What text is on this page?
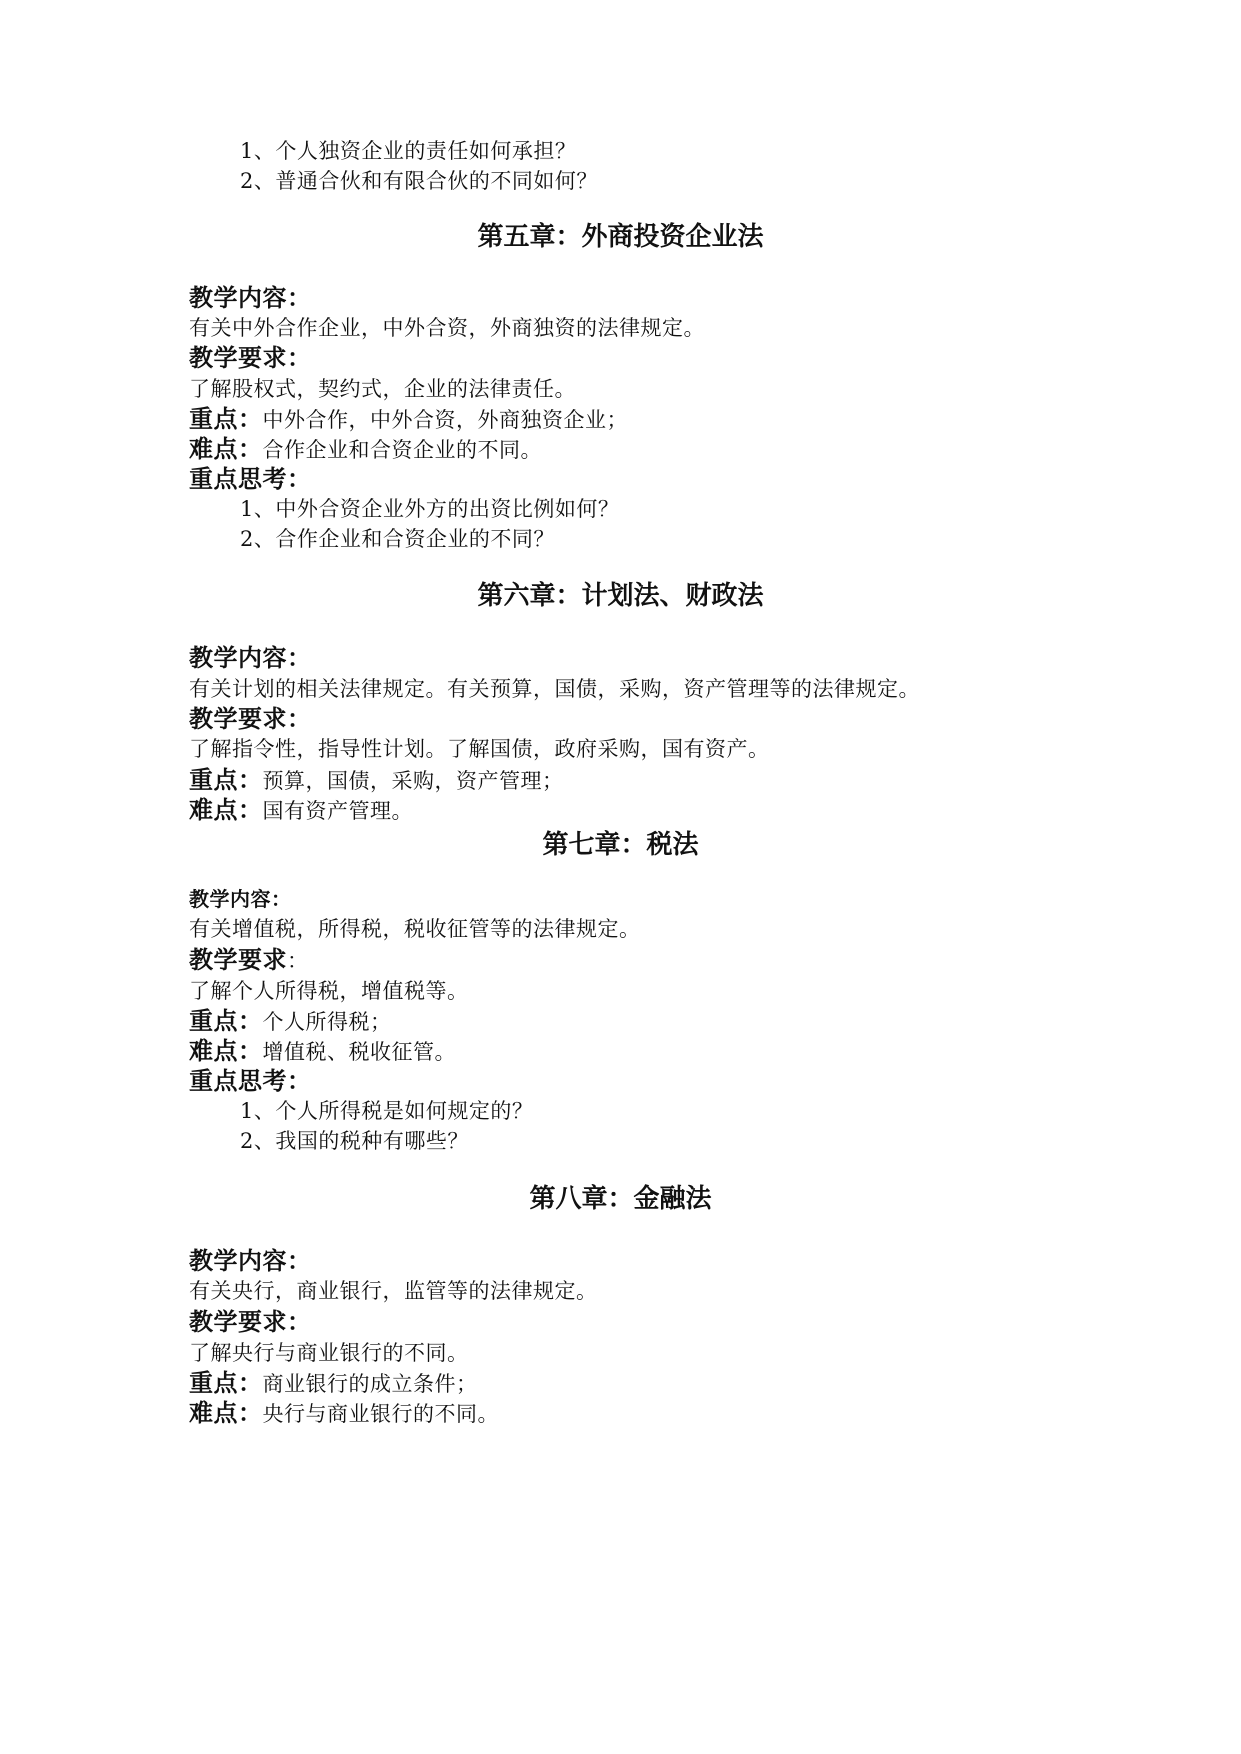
1、个人独资企业的责任如何承担？
2、普通合伙和有限合伙的不同如何？
第五章：外商投资企业法
教学内容：
有关中外合作企业，中外合资，外商独资的法律规定。
教学要求：
了解股权式，契约式，企业的法律责任。
重点：中外合作，中外合资，外商独资企业；
难点：合作企业和合资企业的不同。
重点思考：
1、中外合资企业外方的出资比例如何？
2、合作企业和合资企业的不同？
第六章：计划法、财政法
教学内容：
有关计划的相关法律规定。有关预算，国债，采购，资产管理等的法律规定。
教学要求：
了解指令性，指导性计划。了解国债，政府采购，国有资产。
重点：预算，国债，采购，资产管理；
难点：国有资产管理。
第七章：税法
教学内容：
有关增值税，所得税，税收征管等的法律规定。
教学要求：
了解个人所得税，增值税等。
重点：个人所得税；
难点：增值税、税收征管。
重点思考：
1、个人所得税是如何规定的？
2、我国的税种有哪些？
第八章：金融法
教学内容：
有关央行，商业银行，监管等的法律规定。
教学要求：
了解央行与商业银行的不同。
重点：商业银行的成立条件；
难点：央行与商业银行的不同。
